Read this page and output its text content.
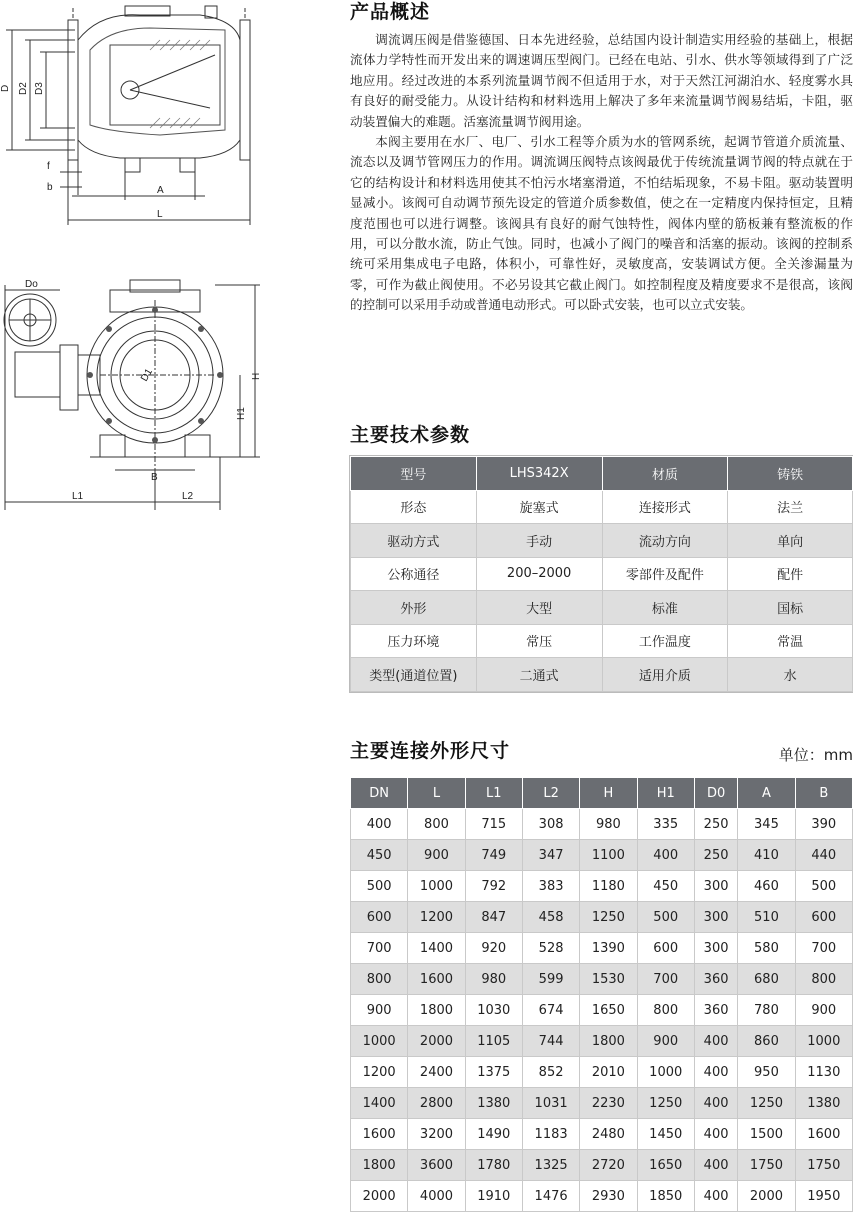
D D2 D3
f
b	A
L
Do
D1	H
H1
B
L1	L2
产品概述

调流调压阀是借鉴德国、日本先进经验，总结国内设计制造实用经验的基础上，根据流体力学特性而开发出来的调速调压型阀门。已经在电站、引水、供水等领域得到了广泛地应用。经过改进的本系列流量调节阀不但适用于水，对于天然江河湖泊水、轻度雾水具有良好的耐受能力。从设计结构和材料选用上解决了多年来流量调节阀易结垢，卡阻，驱动装置偏大的难题。活塞流量调节阀用途。

本阀主要用在水厂、电厂、引水工程等介质为水的管网系统，起调节管道介质流量、流态以及调节管网压力的作用。调流调压阀特点该阀最优于传统流量调节阀的特点就在于它的结构设计和材料选用使其不怕污水堵塞滑道，不怕结垢现象，不易卡阻。驱动装置明显减小。该阀可自动调节预先设定的管道介质参数值，使之在一定精度内保持恒定，且精度范围也可以进行调整。该阀具有良好的耐气蚀特性，阀体内壁的筋板兼有整流板的作用，可以分散水流，防止气蚀。同时，也减小了阀门的噪音和活塞的振动。该阀的控制系统可采用集成电子电路，体积小，可靠性好，灵敏度高，安装调试方便。全关渗漏量为零，可作为截止阀使用。不必另设其它截止阀门。如控制程度及精度要求不是很高，该阀的控制可以采用手动或普通电动形式。可以卧式安装，也可以立式安装。

主要技术参数
型号	LHS342X	材质	铸铁
形态	旋塞式	连接形式	法兰
驱动方式	手动	流动方向	单向
公称通径	200–2000	零部件及配件	配件
外形	大型	标准	国标
压力环境	常压	工作温度	常温
类型(通道位置)	二通式	适用介质	水
主要连接外形尺寸	单位：mm
DN	L	L1	L2	H	H1	D0	A	B
400	800	715	308	980	335	250	345	390
450	900	749	347	1100	400	250	410	440
500	1000	792	383	1180	450	300	460	500
600	1200	847	458	1250	500	300	510	600
700	1400	920	528	1390	600	300	580	700
800	1600	980	599	1530	700	360	680	800
900	1800	1030	674	1650	800	360	780	900
1000	2000	1105	744	1800	900	400	860	1000
1200	2400	1375	852	2010	1000	400	950	1130
1400	2800	1380	1031	2230	1250	400	1250	1380
1600	3200	1490	1183	2480	1450	400	1500	1600
1800	3600	1780	1325	2720	1650	400	1750	1750
2000	4000	1910	1476	2930	1850	400	2000	1950
